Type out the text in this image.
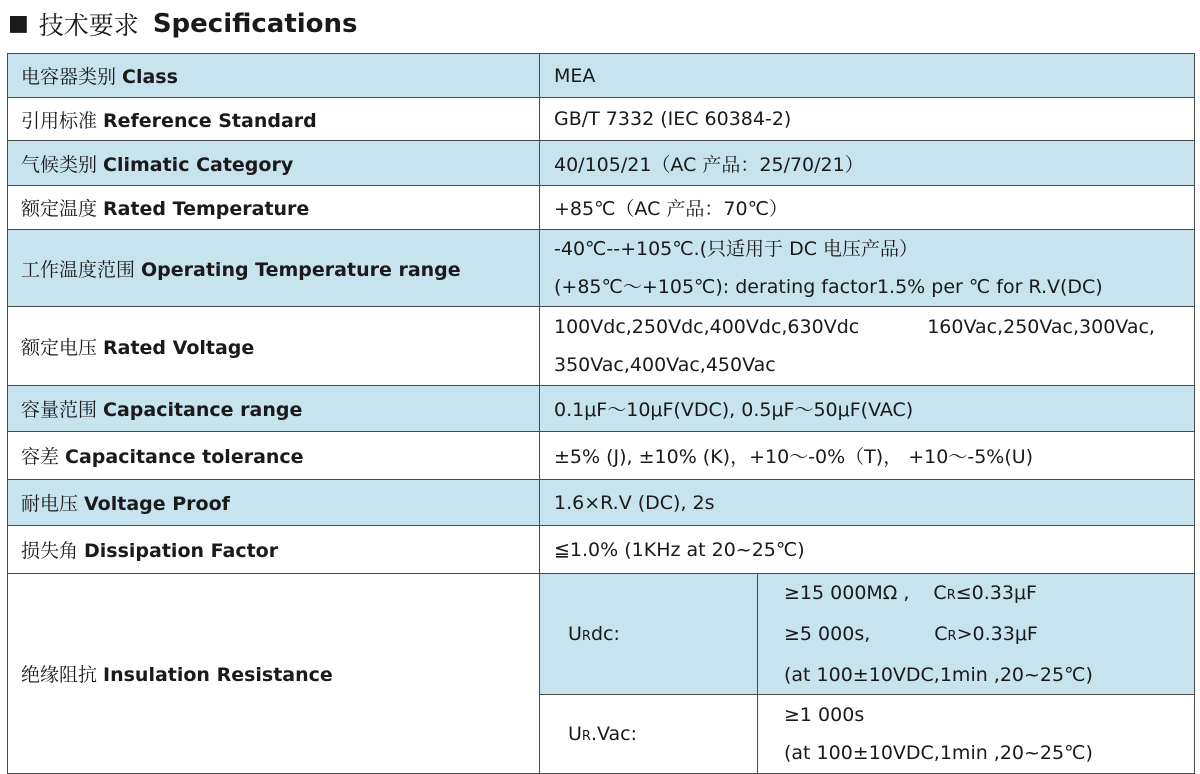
■ 技术要求 Specifications
电容器类别 Class	MEA	
引用标准 Reference Standard	GB/T 7332 (IEC 60384-2)	
气候类别 Climatic Category	40/105/21（AC 产品：25/70/21）	
额定温度 Rated Temperature	+85℃（AC 产品：70℃）	
工作温度范围 Operating Temperature range	-40℃--+105℃.(只适用于 DC 电压产品）
(+85℃～+105℃): derating factor1.5% per ℃ for R.V(DC)	

额定电压 Rated Voltage	100Vdc,250Vdc,400Vdc,630Vdc 160Vac,250Vac,300Vac,
350Vac,400Vac,450Vac	

容量范围 Capacitance range	0.1μF～10μF(VDC), 0.5μF～50μF(VAC)	
容差 Capacitance tolerance	±5% (J), ±10% (K)，+10～-0%（T)， +10～-5%(U)	
耐电压 Voltage Proof	1.6×R.V (DC), 2s	
损失角 Dissipation Factor	≦1.0% (1KHz at 20~25℃)	
绝缘阻抗 Insulation Resistance	URdc:	≥15 000MΩ , CR≤0.33μF
≥5 000s, CR>0.33μF
(at 100±10VDC,1min ,20~25℃)

	UR.Vac:	≥1 000s
(at 100±10VDC,1min ,20~25℃)
